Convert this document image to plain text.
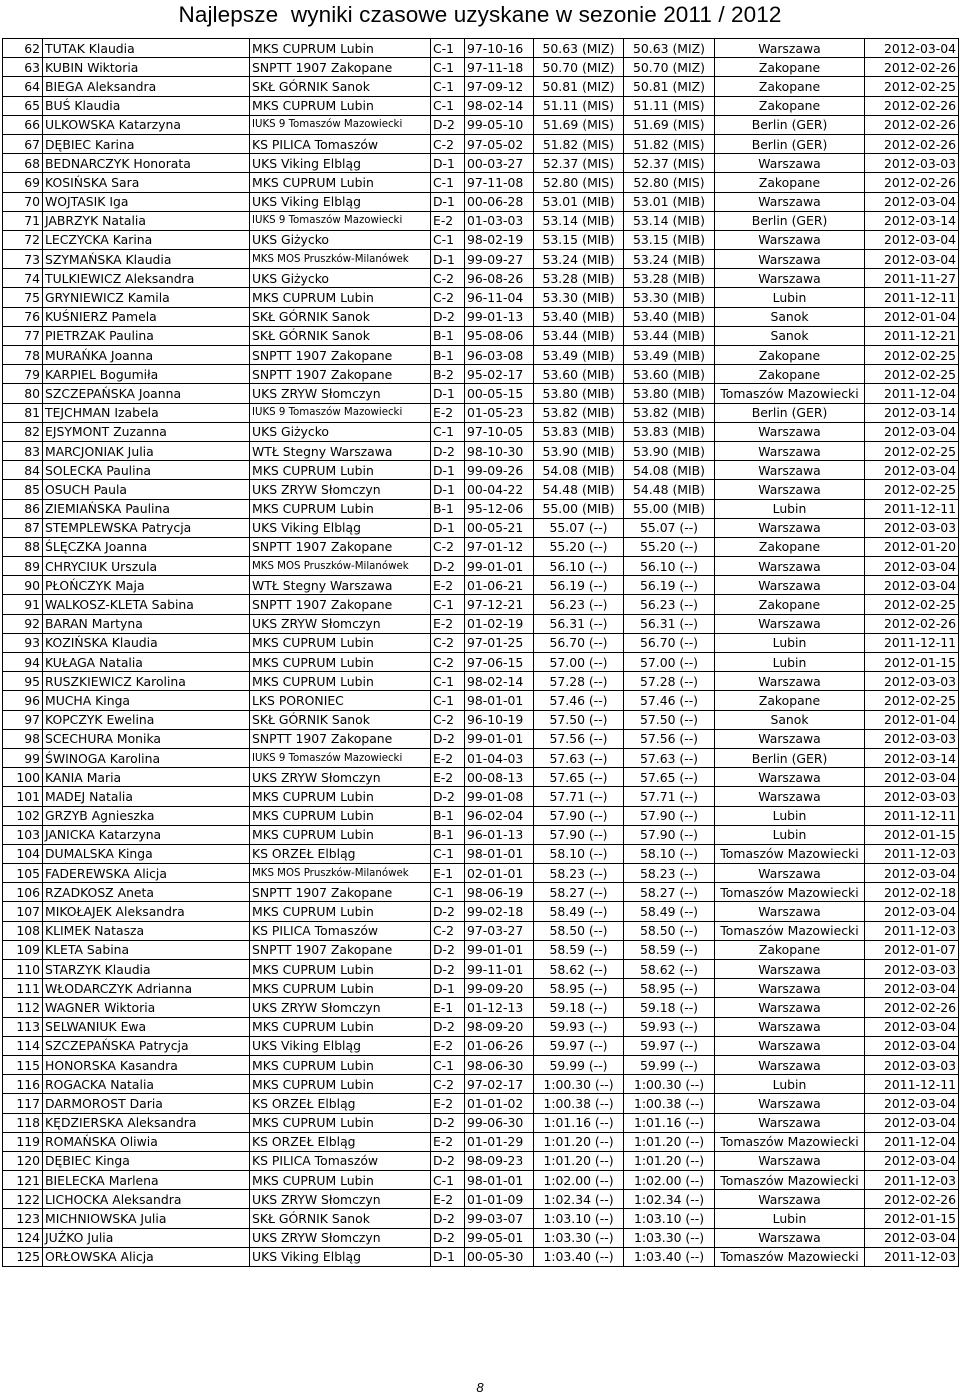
Najlepsze  wyniki czasowe uzyskane w sezonie 2011 / 2012
62	TUTAK Klaudia	MKS CUPRUM Lubin	C-1	97-10-16	50.63 (MIZ)	50.63 (MIZ)	Warszawa	2012-03-04
63	KUBIN Wiktoria	SNPTT 1907 Zakopane	C-1	97-11-18	50.70 (MIZ)	50.70 (MIZ)	Zakopane	2012-02-26
64	BIEGA Aleksandra	SKŁ GÓRNIK Sanok	C-1	97-09-12	50.81 (MIZ)	50.81 (MIZ)	Zakopane	2012-02-25
65	BUŚ Klaudia	MKS CUPRUM Lubin	C-1	98-02-14	51.11 (MIS)	51.11 (MIS)	Zakopane	2012-02-26
66	ULKOWSKA Katarzyna	IUKS 9 Tomaszów Mazowiecki	D-2	99-05-10	51.69 (MIS)	51.69 (MIS)	Berlin (GER)	2012-02-26
67	DĘBIEC Karina	KS PILICA Tomaszów	C-2	97-05-02	51.82 (MIS)	51.82 (MIS)	Berlin (GER)	2012-02-26
68	BEDNARCZYK Honorata	UKS Viking Elbląg	D-1	00-03-27	52.37 (MIS)	52.37 (MIS)	Warszawa	2012-03-03
69	KOSIŃSKA Sara	MKS CUPRUM Lubin	C-1	97-11-08	52.80 (MIS)	52.80 (MIS)	Zakopane	2012-02-26
70	WOJTASIK Iga	UKS Viking Elbląg	D-1	00-06-28	53.01 (MIB)	53.01 (MIB)	Warszawa	2012-03-04
71	JABRZYK Natalia	IUKS 9 Tomaszów Mazowiecki	E-2	01-03-03	53.14 (MIB)	53.14 (MIB)	Berlin (GER)	2012-03-14
72	LECZYCKA Karina	UKS Giżycko	C-1	98-02-19	53.15 (MIB)	53.15 (MIB)	Warszawa	2012-03-04
73	SZYMAŃSKA Klaudia	MKS MOS Pruszków-Milanówek	D-1	99-09-27	53.24 (MIB)	53.24 (MIB)	Warszawa	2012-03-04
74	TULKIEWICZ Aleksandra	UKS Giżycko	C-2	96-08-26	53.28 (MIB)	53.28 (MIB)	Warszawa	2011-11-27
75	GRYNIEWICZ Kamila	MKS CUPRUM Lubin	C-2	96-11-04	53.30 (MIB)	53.30 (MIB)	Lubin	2011-12-11
76	KUŚNIERZ Pamela	SKŁ GÓRNIK Sanok	D-2	99-01-13	53.40 (MIB)	53.40 (MIB)	Sanok	2012-01-04
77	PIETRZAK Paulina	SKŁ GÓRNIK Sanok	B-1	95-08-06	53.44 (MIB)	53.44 (MIB)	Sanok	2011-12-21
78	MURAŃKA Joanna	SNPTT 1907 Zakopane	B-1	96-03-08	53.49 (MIB)	53.49 (MIB)	Zakopane	2012-02-25
79	KARPIEL Bogumiła	SNPTT 1907 Zakopane	B-2	95-02-17	53.60 (MIB)	53.60 (MIB)	Zakopane	2012-02-25
80	SZCZEPAŃSKA Joanna	UKS ZRYW Słomczyn	D-1	00-05-15	53.80 (MIB)	53.80 (MIB)	Tomaszów Mazowiecki	2011-12-04
81	TEJCHMAN Izabela	IUKS 9 Tomaszów Mazowiecki	E-2	01-05-23	53.82 (MIB)	53.82 (MIB)	Berlin (GER)	2012-03-14
82	EJSYMONT Zuzanna	UKS Giżycko	C-1	97-10-05	53.83 (MIB)	53.83 (MIB)	Warszawa	2012-03-04
83	MARCJONIAK Julia	WTŁ Stegny Warszawa	D-2	98-10-30	53.90 (MIB)	53.90 (MIB)	Warszawa	2012-02-25
84	SOLECKA Paulina	MKS CUPRUM Lubin	D-1	99-09-26	54.08 (MIB)	54.08 (MIB)	Warszawa	2012-03-04
85	OSUCH Paula	UKS ZRYW Słomczyn	D-1	00-04-22	54.48 (MIB)	54.48 (MIB)	Warszawa	2012-02-25
86	ZIEMIAŃSKA Paulina	MKS CUPRUM Lubin	B-1	95-12-06	55.00 (MIB)	55.00 (MIB)	Lubin	2011-12-11
87	STEMPLEWSKA Patrycja	UKS Viking Elbląg	D-1	00-05-21	55.07 (--)	55.07 (--)	Warszawa	2012-03-03
88	ŚLĘCZKA Joanna	SNPTT 1907 Zakopane	C-2	97-01-12	55.20 (--)	55.20 (--)	Zakopane	2012-01-20
89	CHRYCIUK Urszula	MKS MOS Pruszków-Milanówek	D-2	99-01-01	56.10 (--)	56.10 (--)	Warszawa	2012-03-04
90	PŁOŃCZYK Maja	WTŁ Stegny Warszawa	E-2	01-06-21	56.19 (--)	56.19 (--)	Warszawa	2012-03-04
91	WALKOSZ-KLETA Sabina	SNPTT 1907 Zakopane	C-1	97-12-21	56.23 (--)	56.23 (--)	Zakopane	2012-02-25
92	BARAN Martyna	UKS ZRYW Słomczyn	E-2	01-02-19	56.31 (--)	56.31 (--)	Warszawa	2012-02-26
93	KOZIŃSKA Klaudia	MKS CUPRUM Lubin	C-2	97-01-25	56.70 (--)	56.70 (--)	Lubin	2011-12-11
94	KUŁAGA Natalia	MKS CUPRUM Lubin	C-2	97-06-15	57.00 (--)	57.00 (--)	Lubin	2012-01-15
95	RUSZKIEWICZ Karolina	MKS CUPRUM Lubin	C-1	98-02-14	57.28 (--)	57.28 (--)	Warszawa	2012-03-03
96	MUCHA Kinga	LKS PORONIEC	C-1	98-01-01	57.46 (--)	57.46 (--)	Zakopane	2012-02-25
97	KOPCZYK Ewelina	SKŁ GÓRNIK Sanok	C-2	96-10-19	57.50 (--)	57.50 (--)	Sanok	2012-01-04
98	SCECHURA Monika	SNPTT 1907 Zakopane	D-2	99-01-01	57.56 (--)	57.56 (--)	Warszawa	2012-03-03
99	ŚWINOGA Karolina	IUKS 9 Tomaszów Mazowiecki	E-2	01-04-03	57.63 (--)	57.63 (--)	Berlin (GER)	2012-03-14
100	KANIA Maria	UKS ZRYW Słomczyn	E-2	00-08-13	57.65 (--)	57.65 (--)	Warszawa	2012-03-04
101	MADEJ Natalia	MKS CUPRUM Lubin	D-2	99-01-08	57.71 (--)	57.71 (--)	Warszawa	2012-03-03
102	GRZYB Agnieszka	MKS CUPRUM Lubin	B-1	96-02-04	57.90 (--)	57.90 (--)	Lubin	2011-12-11
103	JANICKA Katarzyna	MKS CUPRUM Lubin	B-1	96-01-13	57.90 (--)	57.90 (--)	Lubin	2012-01-15
104	DUMALSKA Kinga	KS ORZEŁ Elbląg	C-1	98-01-01	58.10 (--)	58.10 (--)	Tomaszów Mazowiecki	2011-12-03
105	FADEREWSKA Alicja	MKS MOS Pruszków-Milanówek	E-1	02-01-01	58.23 (--)	58.23 (--)	Warszawa	2012-03-04
106	RZADKOSZ Aneta	SNPTT 1907 Zakopane	C-1	98-06-19	58.27 (--)	58.27 (--)	Tomaszów Mazowiecki	2012-02-18
107	MIKOŁAJEK Aleksandra	MKS CUPRUM Lubin	D-2	99-02-18	58.49 (--)	58.49 (--)	Warszawa	2012-03-04
108	KLIMEK Natasza	KS PILICA Tomaszów	C-2	97-03-27	58.50 (--)	58.50 (--)	Tomaszów Mazowiecki	2011-12-03
109	KLETA Sabina	SNPTT 1907 Zakopane	D-2	99-01-01	58.59 (--)	58.59 (--)	Zakopane	2012-01-07
110	STARZYK Klaudia	MKS CUPRUM Lubin	D-2	99-11-01	58.62 (--)	58.62 (--)	Warszawa	2012-03-03
111	WŁODARCZYK Adrianna	MKS CUPRUM Lubin	D-1	99-09-20	58.95 (--)	58.95 (--)	Warszawa	2012-03-04
112	WAGNER Wiktoria	UKS ZRYW Słomczyn	E-1	01-12-13	59.18 (--)	59.18 (--)	Warszawa	2012-02-26
113	SELWANIUK Ewa	MKS CUPRUM Lubin	D-2	98-09-20	59.93 (--)	59.93 (--)	Warszawa	2012-03-04
114	SZCZEPAŃSKA Patrycja	UKS Viking Elbląg	E-2	01-06-26	59.97 (--)	59.97 (--)	Warszawa	2012-03-04
115	HONORSKA Kasandra	MKS CUPRUM Lubin	C-1	98-06-30	59.99 (--)	59.99 (--)	Warszawa	2012-03-03
116	ROGACKA Natalia	MKS CUPRUM Lubin	C-2	97-02-17	1:00.30 (--)	1:00.30 (--)	Lubin	2011-12-11
117	DARMOROST Daria	KS ORZEŁ Elbląg	E-2	01-01-02	1:00.38 (--)	1:00.38 (--)	Warszawa	2012-03-04
118	KĘDZIERSKA Aleksandra	MKS CUPRUM Lubin	D-2	99-06-30	1:01.16 (--)	1:01.16 (--)	Warszawa	2012-03-04
119	ROMAŃSKA Oliwia	KS ORZEŁ Elbląg	E-2	01-01-29	1:01.20 (--)	1:01.20 (--)	Tomaszów Mazowiecki	2011-12-04
120	DĘBIEC Kinga	KS PILICA Tomaszów	D-2	98-09-23	1:01.20 (--)	1:01.20 (--)	Warszawa	2012-03-04
121	BIELECKA Marlena	MKS CUPRUM Lubin	C-1	98-01-01	1:02.00 (--)	1:02.00 (--)	Tomaszów Mazowiecki	2011-12-03
122	LICHOCKA Aleksandra	UKS ZRYW Słomczyn	E-2	01-01-09	1:02.34 (--)	1:02.34 (--)	Warszawa	2012-02-26
123	MICHNIOWSKA Julia	SKŁ GÓRNIK Sanok	D-2	99-03-07	1:03.10 (--)	1:03.10 (--)	Lubin	2012-01-15
124	JUŹKO Julia	UKS ZRYW Słomczyn	D-2	99-05-01	1:03.30 (--)	1:03.30 (--)	Warszawa	2012-03-04
125	ORŁOWSKA Alicja	UKS Viking Elbląg	D-1	00-05-30	1:03.40 (--)	1:03.40 (--)	Tomaszów Mazowiecki	2011-12-03
8
